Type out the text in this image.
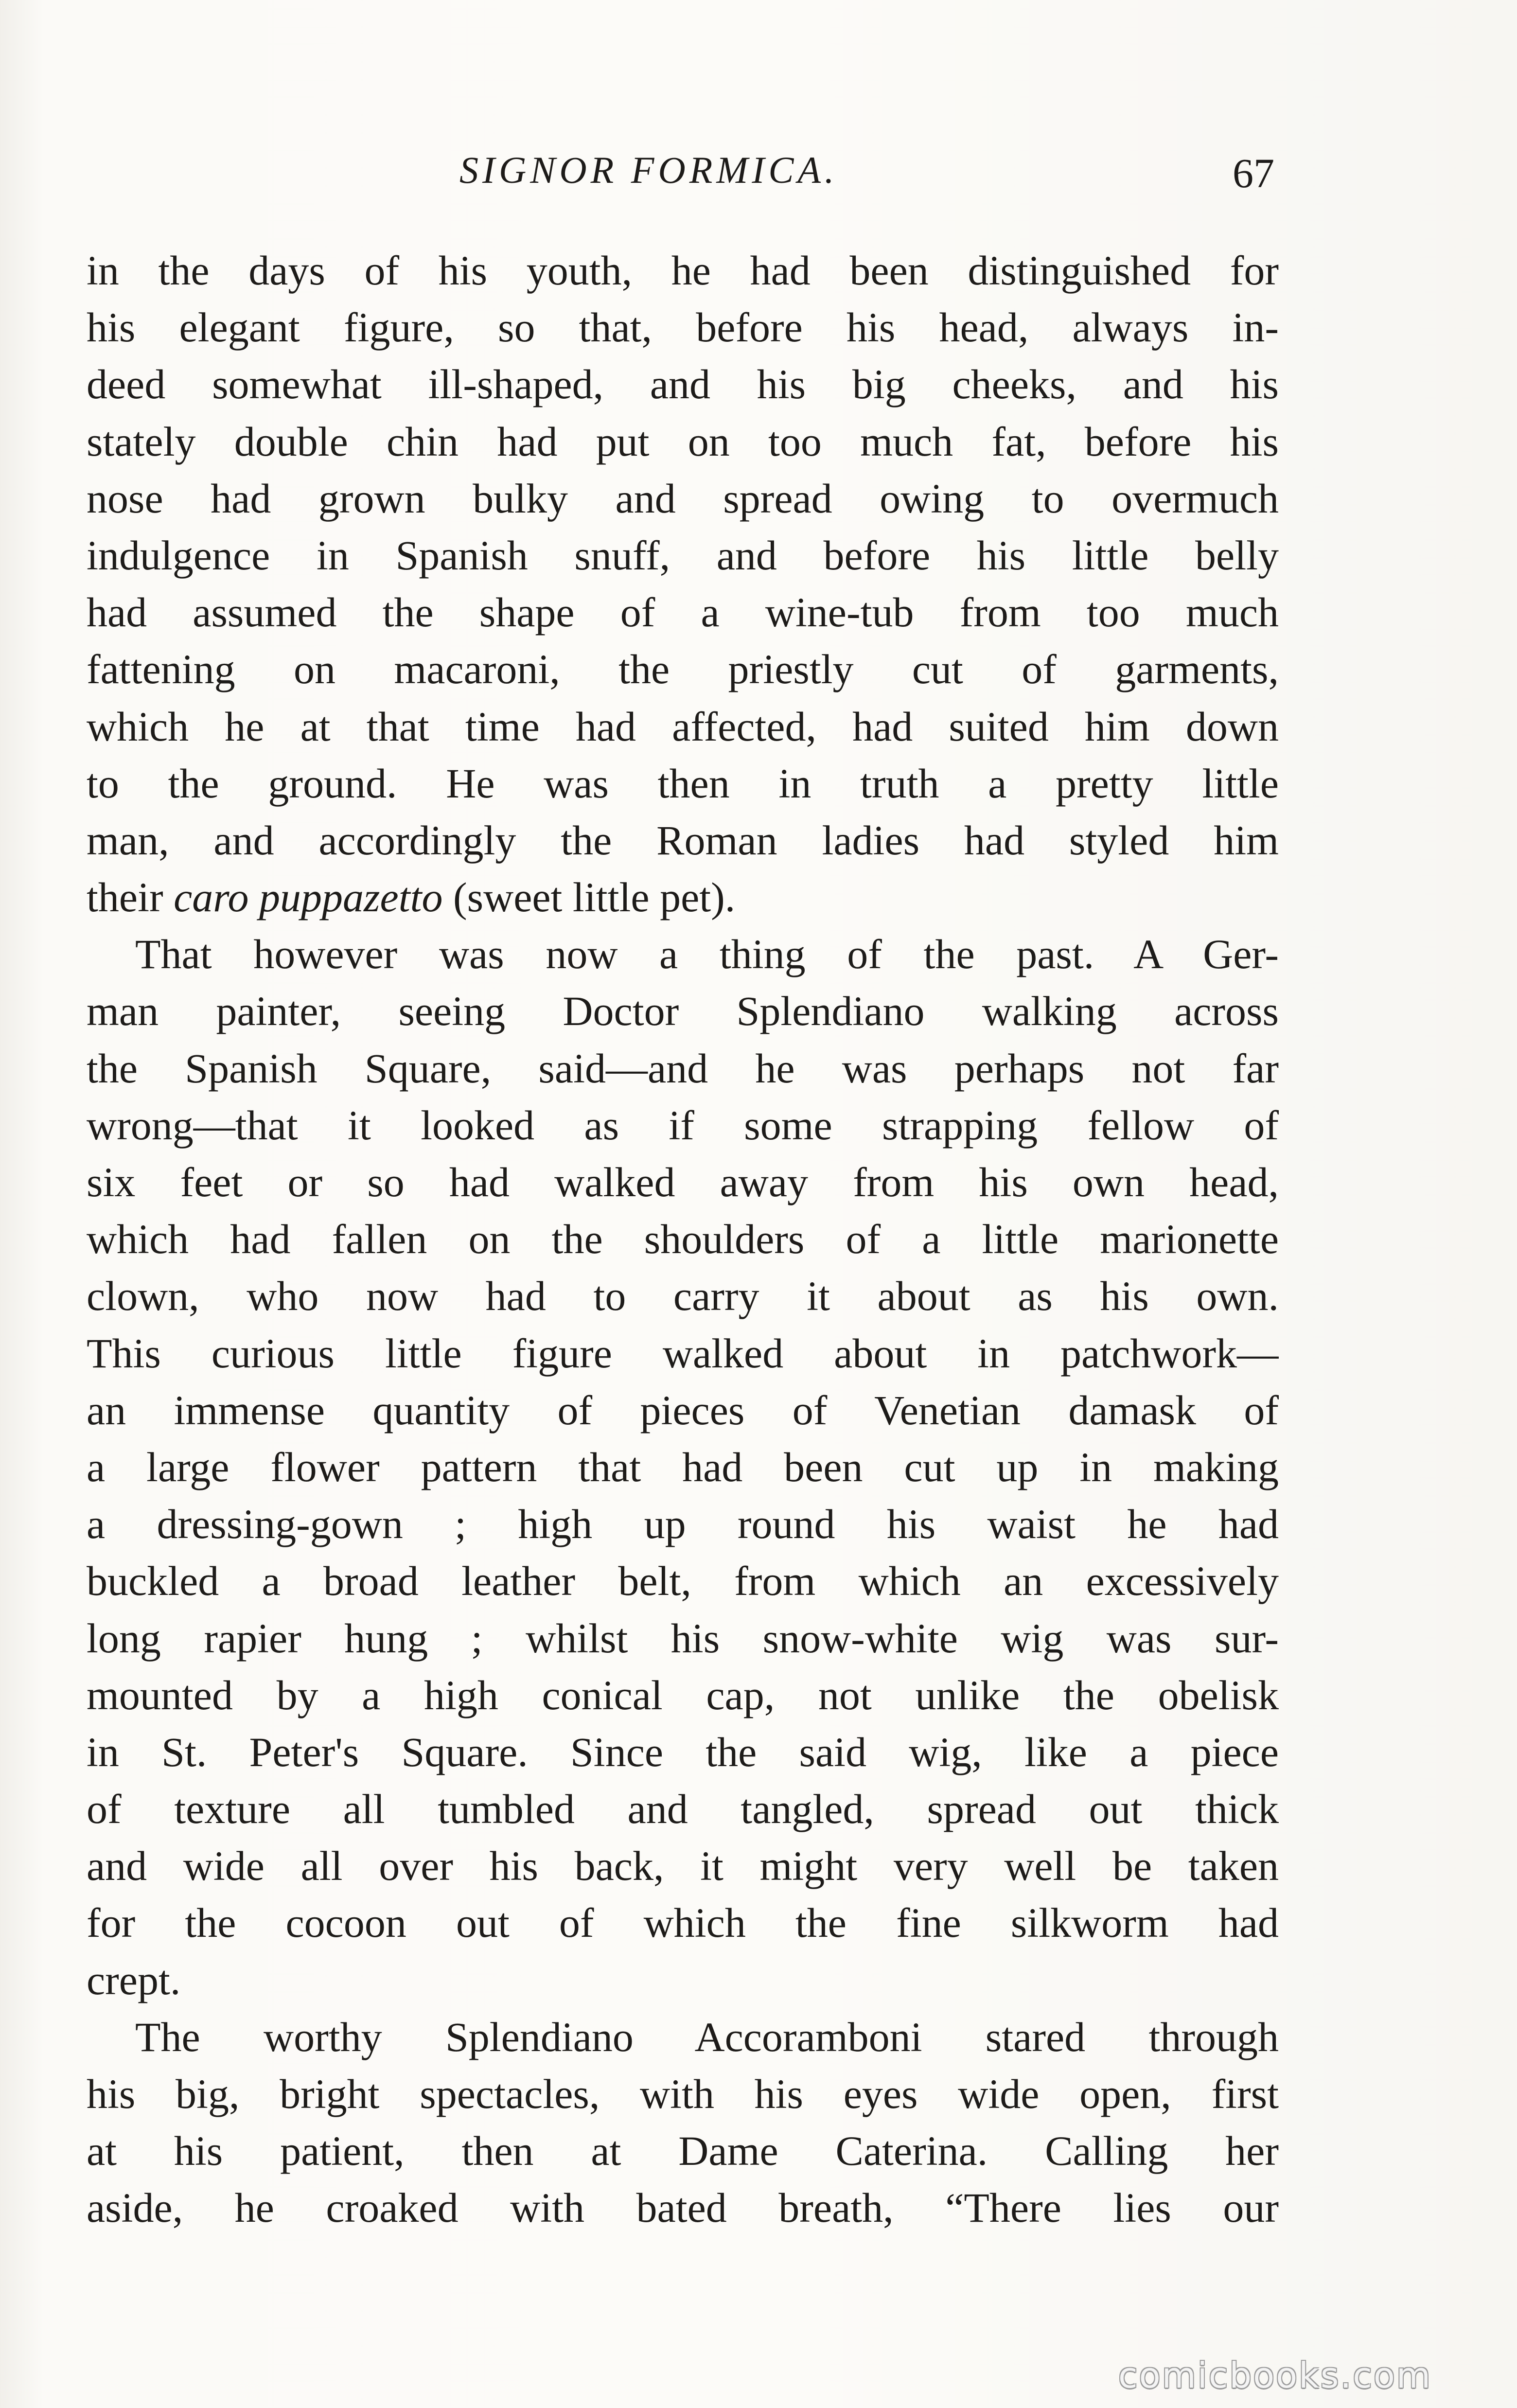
SIGNOR FORMICA.	67
in the days of his youth, he had been distinguished for
his elegant figure, so that, before his head, always in-
deed somewhat ill-shaped, and his big cheeks, and his
stately double chin had put on too much fat, before his
nose had grown bulky and spread owing to overmuch
indulgence in Spanish snuff, and before his little belly
had assumed the shape of a wine-tub from too much
fattening on macaroni, the priestly cut of garments,
which he at that time had affected, had suited him down
to the ground. He was then in truth a pretty little
man, and accordingly the Roman ladies had styled him
their caro puppazetto (sweet little pet).
That however was now a thing of the past. A Ger-
man painter, seeing Doctor Splendiano walking across
the Spanish Square, said—and he was perhaps not far
wrong—that it looked as if some strapping fellow of
six feet or so had walked away from his own head,
which had fallen on the shoulders of a little marionette
clown, who now had to carry it about as his own.
This curious little figure walked about in patchwork—
an immense quantity of pieces of Venetian damask of
a large flower pattern that had been cut up in making
a dressing-gown ; high up round his waist he had
buckled a broad leather belt, from which an excessively
long rapier hung ; whilst his snow-white wig was sur-
mounted by a high conical cap, not unlike the obelisk
in St. Peter's Square. Since the said wig, like a piece
of texture all tumbled and tangled, spread out thick
and wide all over his back, it might very well be taken
for the cocoon out of which the fine silkworm had
crept.
The worthy Splendiano Accoramboni stared through
his big, bright spectacles, with his eyes wide open, first
at his patient, then at Dame Caterina. Calling her
aside, he croaked with bated breath, “There lies our
comicbooks.com
